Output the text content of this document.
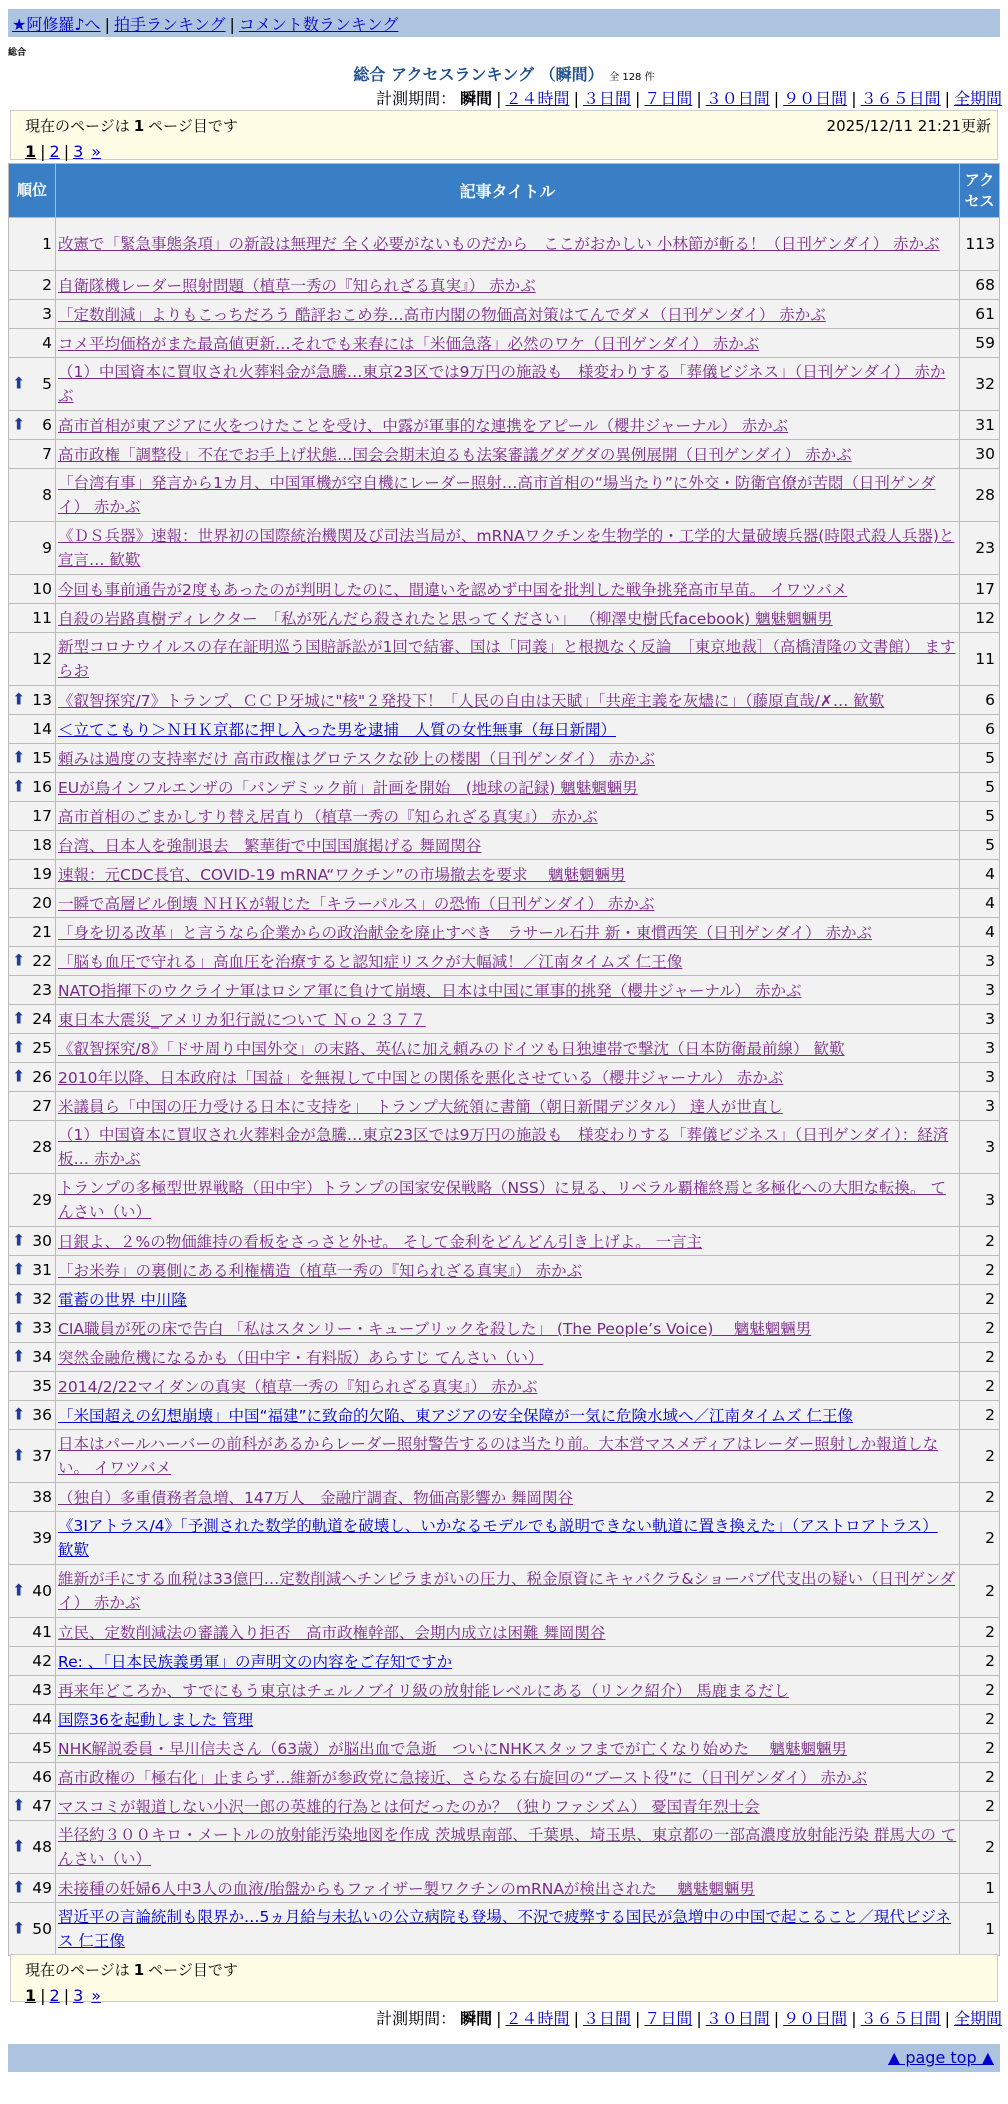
★阿修羅♪へ | 拍手ランキング | コメント数ランキング
総合
総合 アクセスランキング （瞬間） 全 128 件
計測期間： 瞬間 | ２４時間 | ３日間 | ７日間 | ３０日間 | ９０日間 | ３６５日間 | 全期間
現在のページは 1 ページ目です	2025/12/11 21:21更新
1 | 2 | 3 »
順位	記事タイトル	アクセス
1	改憲で「緊急事態条項」の新設は無理だ 全く必要がないものだから　ここがおかしい 小林節が斬る！（日刊ゲンダイ） 赤かぶ	113
2	自衛隊機レーダー照射問題（植草一秀の『知られざる真実』） 赤かぶ	68
3	「定数削減」よりもこっちだろう 酷評おこめ券…高市内閣の物価高対策はてんでダメ（日刊ゲンダイ） 赤かぶ	61
4	コメ平均価格がまた最高値更新…それでも来春には「米価急落」必然のワケ（日刊ゲンダイ） 赤かぶ	59

⬆ 5	（1）中国資本に買収され火葬料金が急騰…東京23区では9万円の施設も　様変わりする「葬儀ビジネス」（日刊ゲンダイ） 赤かぶ	32

⬆ 6	高市首相が東アジアに火をつけたことを受け、中露が軍事的な連携をアピール（櫻井ジャーナル） 赤かぶ	31
7	高市政権「調整役」不在でお手上げ状態…国会会期末迫るも法案審議グダグダの異例展開（日刊ゲンダイ） 赤かぶ	30
8	「台湾有事」発言から1カ月、中国軍機が空自機にレーダー照射…高市首相の“場当たり”に外交・防衛官僚が苦悶（日刊ゲンダイ） 赤かぶ	28
9	《ＤＳ兵器》速報：世界初の国際統治機関及び司法当局が、mRNAワクチンを生物学的・工学的大量破壊兵器(時限式殺人兵器)と宣言… 歓歎	23
10	今回も事前通告が2度もあったのが判明したのに、間違いを認めず中国を批判した戦争挑発高市早苗。 イワツバメ	17
11	自殺の岩路真樹ディレクター　「私が死んだら殺されたと思ってください」 （柳澤史樹氏facebook) 魑魅魍魎男	12
12	新型コロナウイルスの存在証明巡う国賠訴訟が1回で結審、国は「同義」と根拠なく反論　［東京地裁］（高橋清隆の文書館） ますらお	11

⬆ 13	《叡智探究/7》トランプ、ＣＣＰ牙城に"核"２発投下！「人民の自由は天賦」「共産主義を灰燼に」（藤原直哉/✗… 歓歎	6
14	＜立てこもり＞ＮＨＫ京都に押し入った男を逮捕　人質の女性無事（毎日新聞）	6

⬆ 15	頼みは過度の支持率だけ 高市政権はグロテスクな砂上の楼閣（日刊ゲンダイ） 赤かぶ	5

⬆ 16	EUが鳥インフルエンザの「パンデミック前」計画を開始　(地球の記録) 魑魅魍魎男	5
17	高市首相のごまかしすり替え居直り（植草一秀の『知られざる真実』） 赤かぶ	5
18	台湾、日本人を強制退去　繁華街で中国国旗掲げる 舞岡関谷	5
19	速報：元CDC長官、COVID-19 mRNA“ワクチン”の市場撤去を要求　 魑魅魍魎男	4
20	一瞬で高層ビル倒壊 ＮＨＫが報じた「キラーパルス」の恐怖（日刊ゲンダイ） 赤かぶ	4
21	「身を切る改革」と言うなら企業からの政治献金を廃止すべき　ラサール石井 新・東慣西笑（日刊ゲンダイ） 赤かぶ	4

⬆ 22	「脳も血圧で守れる」高血圧を治療すると認知症リスクが大幅減！／江南タイムズ 仁王像	3
23	NATO指揮下のウクライナ軍はロシア軍に負けて崩壊、日本は中国に軍事的挑発（櫻井ジャーナル） 赤かぶ	3

⬆ 24	東日本大震災_アメリカ犯行説について Ｎｏ２３７７	3

⬆ 25	《叡智探究/8》「ドサ周り中国外交」の末路、英仏に加え頼みのドイツも日独連帯で撃沈（日本防衛最前線） 歓歎	3

⬆ 26	2010年以降、日本政府は「国益」を無視して中国との関係を悪化させている（櫻井ジャーナル） 赤かぶ	3
27	米議員ら「中国の圧力受ける日本に支持を」　トランプ大統領に書簡（朝日新聞デジタル） 達人が世直し	3
28	（1）中国資本に買収され火葬料金が急騰…東京23区では9万円の施設も　様変わりする「葬儀ビジネス」（日刊ゲンダイ）：経済板… 赤かぶ	3
29	トランプの多極型世界戦略（田中宇）トランプの国家安保戦略（NSS）に見る、リベラル覇権終焉と多極化への大胆な転換。 てんさい（い）	3

⬆ 30	日銀よ、２%の物価維持の看板をさっさと外せ。 そして金利をどんどん引き上げよ。 一言主	2

⬆ 31	「お米券」の裏側にある利権構造（植草一秀の『知られざる真実』） 赤かぶ	2

⬆ 32	電蓄の世界 中川隆	2

⬆ 33	CIA職員が死の床で告白 「私はスタンリー・キューブリックを殺した」 (The People’s Voice) 　魑魅魍魎男	2

⬆ 34	突然金融危機になるかも（田中宇・有料版）あらすじ てんさい（い）	2
35	2014/2/22マイダンの真実（植草一秀の『知られざる真実』） 赤かぶ	2

⬆ 36	「米国超えの幻想崩壊」中国“福建”に致命的欠陥、東アジアの安全保障が一気に危険水域へ／江南タイムズ 仁王像	2

⬆ 37	日本はパールハーバーの前科があるからレーダー照射警告するのは当たり前。大本営マスメディアはレーダー照射しか報道しない。 イワツバメ	2
38	（独自）多重債務者急増、147万人　金融庁調査、物価高影響か 舞岡関谷	2
39	《3Iアトラス/4》「予測された数学的軌道を破壊し、いかなるモデルでも説明できない軌道に置き換えた」（アストロアトラス） 歓歎	2

⬆ 40	維新が手にする血税は33億円…定数削減ヘチンピラまがいの圧力、税金原資にキャバクラ&ショーパブ代支出の疑い（日刊ゲンダイ） 赤かぶ	2
41	立民、定数削減法の審議入り拒否　高市政権幹部、会期内成立は困難 舞岡関谷	2
42	Re: 、「日本民族義勇軍」の声明文の内容をご存知ですか	2
43	再来年どころか、すでにもう東京はチェルノブイリ級の放射能レベルにある（リンク紹介） 馬鹿まるだし	2
44	国際36を起動しました 管理	2
45	NHK解説委員・早川信夫さん（63歳）が脳出血で急逝　ついにNHKスタッフまでが亡くなり始めた　 魑魅魍魎男	2
46	高市政権の「極右化」止まらず…維新が参政党に急接近、さらなる右旋回の“ブースト役”に（日刊ゲンダイ） 赤かぶ	2

⬆ 47	マスコミが報道しない小沢一郎の英雄的行為とは何だったのか？（独りファシズム） 憂国青年烈士会	2

⬆ 48	半径約３００キロ・メートルの放射能汚染地図を作成 茨城県南部、千葉県、埼玉県、東京都の一部高濃度放射能汚染 群馬大の てんさい（い）	2

⬆ 49	未接種の妊婦6人中3人の血液/胎盤からもファイザー製ワクチンのmRNAが検出された　 魑魅魍魎男	1

⬆ 50	習近平の言論統制も限界か…5ヵ月給与未払いの公立病院も登場、不況で疲弊する国民が急増中の中国で起こること／現代ビジネス 仁王像	1
現在のページは 1 ページ目です
1 | 2 | 3 »
計測期間： 瞬間 | ２４時間 | ３日間 | ７日間 | ３０日間 | ９０日間 | ３６５日間 | 全期間
▲ page top ▲
